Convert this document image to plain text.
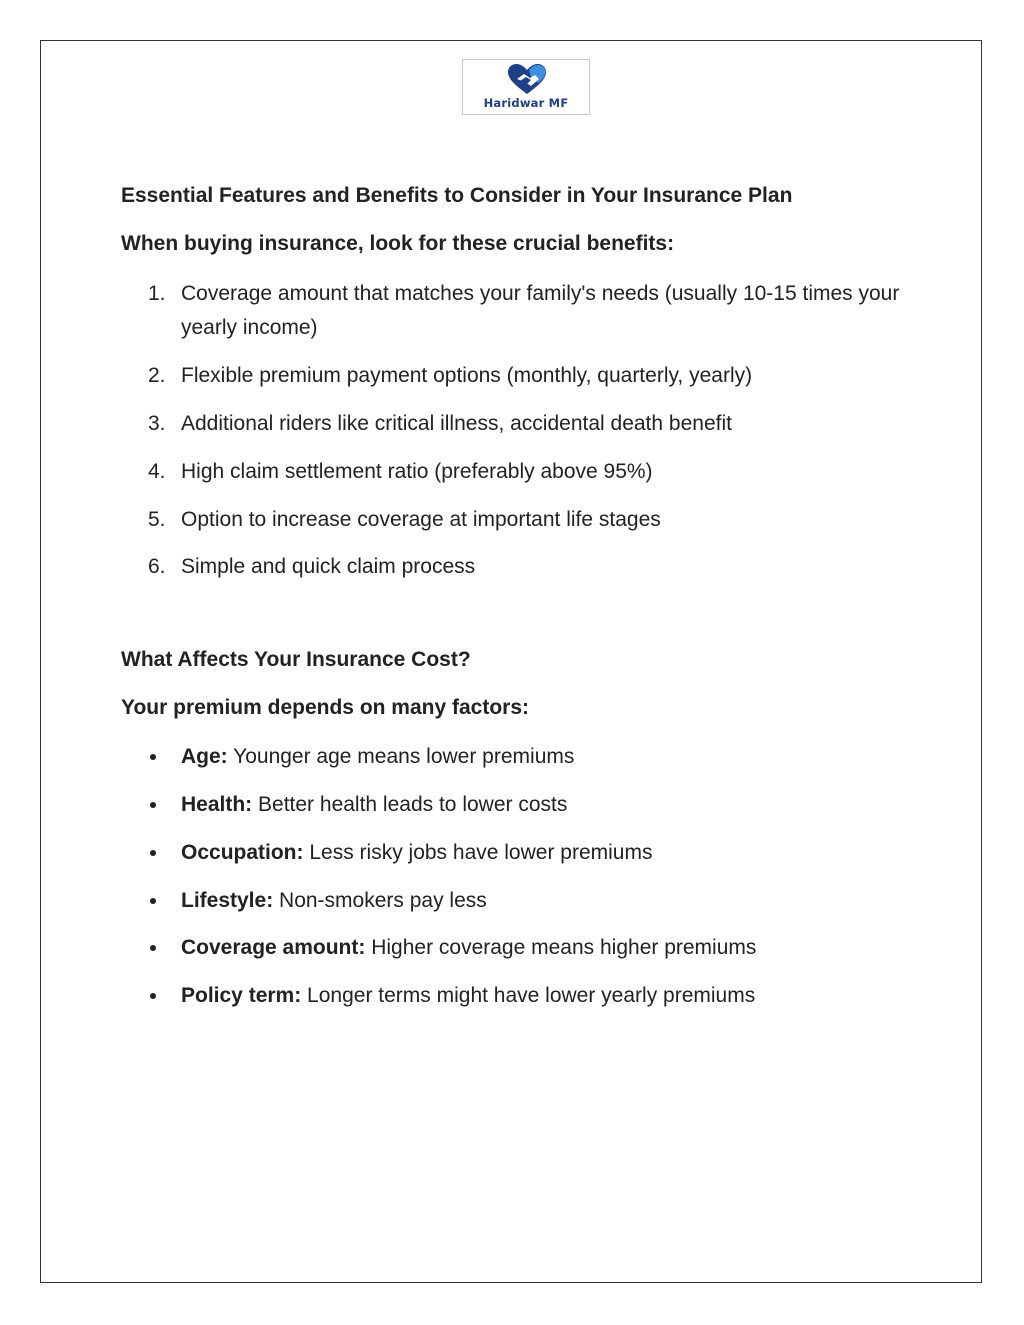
Haridwar MF
Essential Features and Benefits to Consider in Your Insurance Plan
When buying insurance, look for these crucial benefits:
1. Coverage amount that matches your family's needs (usually 10-15 times your yearly income)
2. Flexible premium payment options (monthly, quarterly, yearly)
3. Additional riders like critical illness, accidental death benefit
4. High claim settlement ratio (preferably above 95%)
5. Option to increase coverage at important life stages
6. Simple and quick claim process
What Affects Your Insurance Cost?
Your premium depends on many factors:
Age: Younger age means lower premiums
Health: Better health leads to lower costs
Occupation: Less risky jobs have lower premiums
Lifestyle: Non-smokers pay less
Coverage amount: Higher coverage means higher premiums
Policy term: Longer terms might have lower yearly premiums
